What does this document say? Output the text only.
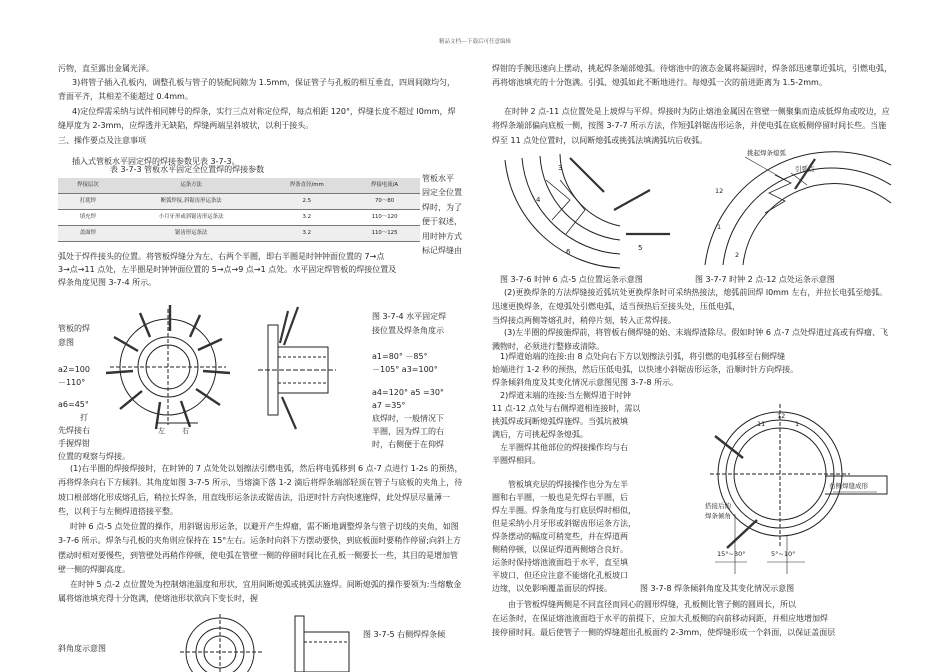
精品文档---下载后可任意编辑
污物，直至露出金属光泽。
3)将管子插入孔板内，调整孔板与管子的装配间隙为 1.5mm，保证管子与孔板的相互垂直，四周间隙均匀，背面平齐，其相差不能超过 0.4mm。
4)定位焊需采纳与试件相同牌号的焊条，实行三点对称定位焊，每点相距 120°，焊缝长度不超过 l0mm，焊缝厚度为 2-3mm，应焊透并无缺陷，焊缝两端呈斜坡状，以利于接头。
三、操作要点及注意事项
插入式管板水平固定焊的焊接参数见表 3-7-3。
表 3-7-3 管板水平固定全位置焊的焊接参数
焊接层次	运条方法	焊条直径/mm	焊接电流/A
打底焊	断弧焊接,斜锯齿形运条法	2.5	70～80
填充焊	小月牙形或斜锯齿形运条法	3.2	110～120
盖面焊	锯齿形运条法	3.2	110～125
管板水平
固定全位置
焊时，为了
便于叙述，
用时钟方式
标记焊缝由
弧处于焊件接头的位置。将管板焊缝分为左、右两个半圈，即右半圈是时钟钟面位置的 7→点
3→点→11 点处，左半圈是时钟钟面位置的 5→点→9 点→1 点处。水平固定焊管板的焊接位置及
焊条角度见图 3-7-4 所示。
图 3-7-4 水平固定焊
接位置及焊条角度示
管板的焊
意图
a2=100
－110°
a6=45°
打
先焊接右
手握焊钳
位置的观察与焊接。
a1=80° －85°
－105° a3=100°
a4=120° a5 =30°
a7 =35°
底焊时，一般情况下
半圈，因为焊工的右
时，右侧便于在仰焊
左 右
(1)右半圈的焊接焊接时，在时钟的 7 点处处以划擦法引燃电弧，然后将电弧移到 6 点-7 点进行 1-2s 的预热，再将焊条向右下方倾斜。其角度如图 3-7-5 所示，当熔滴下落 1-2 滴后将焊条端部轻顶在管子与底板的夹角上，待坡口根部熔化形成熔孔后，稍拉长焊条，用直线形运条法或锯齿法，沿逆时针方向快速施焊，此处焊层尽量薄一些，以利于与左侧焊道搭接平整。
时钟 6 点-5 点处位置的操作，用斜锯齿形运条，以避开产生焊瘤，需不断地调整焊条与管子切线的夹角，如图 3-7-6 所示。焊条与孔板的夹角则应保持在 15°左右。运条时向斜下方摆动要快，到底板面时要稍作停留;向斜上方摆动时相对要慢些，到管壁处再稍作停顿，使电弧在管壁一侧的停留时间比在孔板一侧要长一些，其目的是增加管壁一侧的焊脚高度。
在时钟 5 点-2 点位置处为控制熔池温度和形状，宜用间断熄弧或挑弧法施焊。间断熄弧的操作要领为:当熔敷金属将熔池填充得十分饱满，使熔池形状欲向下变长时，握
图 3-7-5 右侧焊焊条倾
斜角度示意图
焊钳的手腕迅速向上摆动，挑起焊条端部熄弧。待熔池中的液态金属将凝固时，焊条部迅速靠近弧坑，引燃电弧，再将熔池填充的十分饱满。引弧、熄弧如此不断地进行。每熄弧一次的前进距离为 1.5-2mm。
在时钟 2 点-11 点位置处是上坡焊与平焊。焊接时为防止熔池金属因在管壁一侧聚集而造成低焊角或咬边，应将焊条端部偏向底板一侧，按图 3-7-7 所示方法，作短弧斜锯齿形运条，并使电弧在底板侧停留时间长些。当施焊至 11 点处位置时，以间断熄弧或挑弧法填满弧坑后收弧。
3
4
6	5
挑起焊条熄弧
引弧点
12
1
2
图 3-7-6 时钟 6 点-5 点位置运条示意图	图 3-7-7 时钟 2 点-12 点处运条示意图
(2)更换焊条的方法焊缝接近弧坑处更换焊条时可采纳热接法，熄弧前回焊 l0mm 左右，并拉长电弧至熄弧。迅速更换焊条，在熄弧处引燃电弧，适当预热后至接头处，压低电弧，
当焊接点两侧等熔孔时，稍停片刻，转入正常焊接。
(3)左半圈的焊接施焊前，将管板右侧焊缝的始、末端焊渣除尽。假如时钟 6 点-7 点处焊道过高或有焊瘤、飞溅物时，必须进行整修或清除。
1)焊道始端的连接:由 8 点处向右下方以划擦法引弧，将引燃的电弧移至右侧焊缝
始端进行 1-2 秒的预热，然后压低电弧，以快速小斜锯齿形运条，沿顺时针方向焊接。
焊条倾斜角度及其变化情况示意图见图 3-7-8 所示。
2)焊道末端的连接:当左侧焊道于时钟
11 点-12 点处与右侧焊道相连接时，需以
挑弧焊或间断熄弧焊施焊。当弧坑被填
满后，方可挑起焊条熄弧。
左半圈焊其他部位的焊接操作均与右
半圈焊相同。
管板填充层的焊接操作也分为左半
圈和右半圈，一般也是先焊右半圈，后
焊左半圈。焊条角度与打底层焊时相似，
但是采纳小月牙形或斜锯齿形运条方法，
焊条摆动的幅度可稍宽些，并在焊道两
侧稍停顿，以保证焊道两侧熔合良好。
运条时保持熔池液面趋于水平，直至填
平坡口，但还应注意不能熔化孔板坡口
边缘，以免影响覆盖面层的焊接。	图 3-7-8 焊条倾斜角度及其变化情况示意图
12
1
11
右侧焊缝成形
搭接后的
焊条倾角
15°~30°	5°~10°
由于管板焊缝两侧是不同直径而同心的圆形焊缝，孔板侧比管子侧的圆周长，所以
在运条时，在保证熔池液面趋于水平的前提下，应加大孔板侧的向前移动间距，并相应地增加焊
接停留时间。最后使管子一侧的焊缝超出孔板面约 2-3mm，使焊缝形成一个斜面，以保证盖面层
